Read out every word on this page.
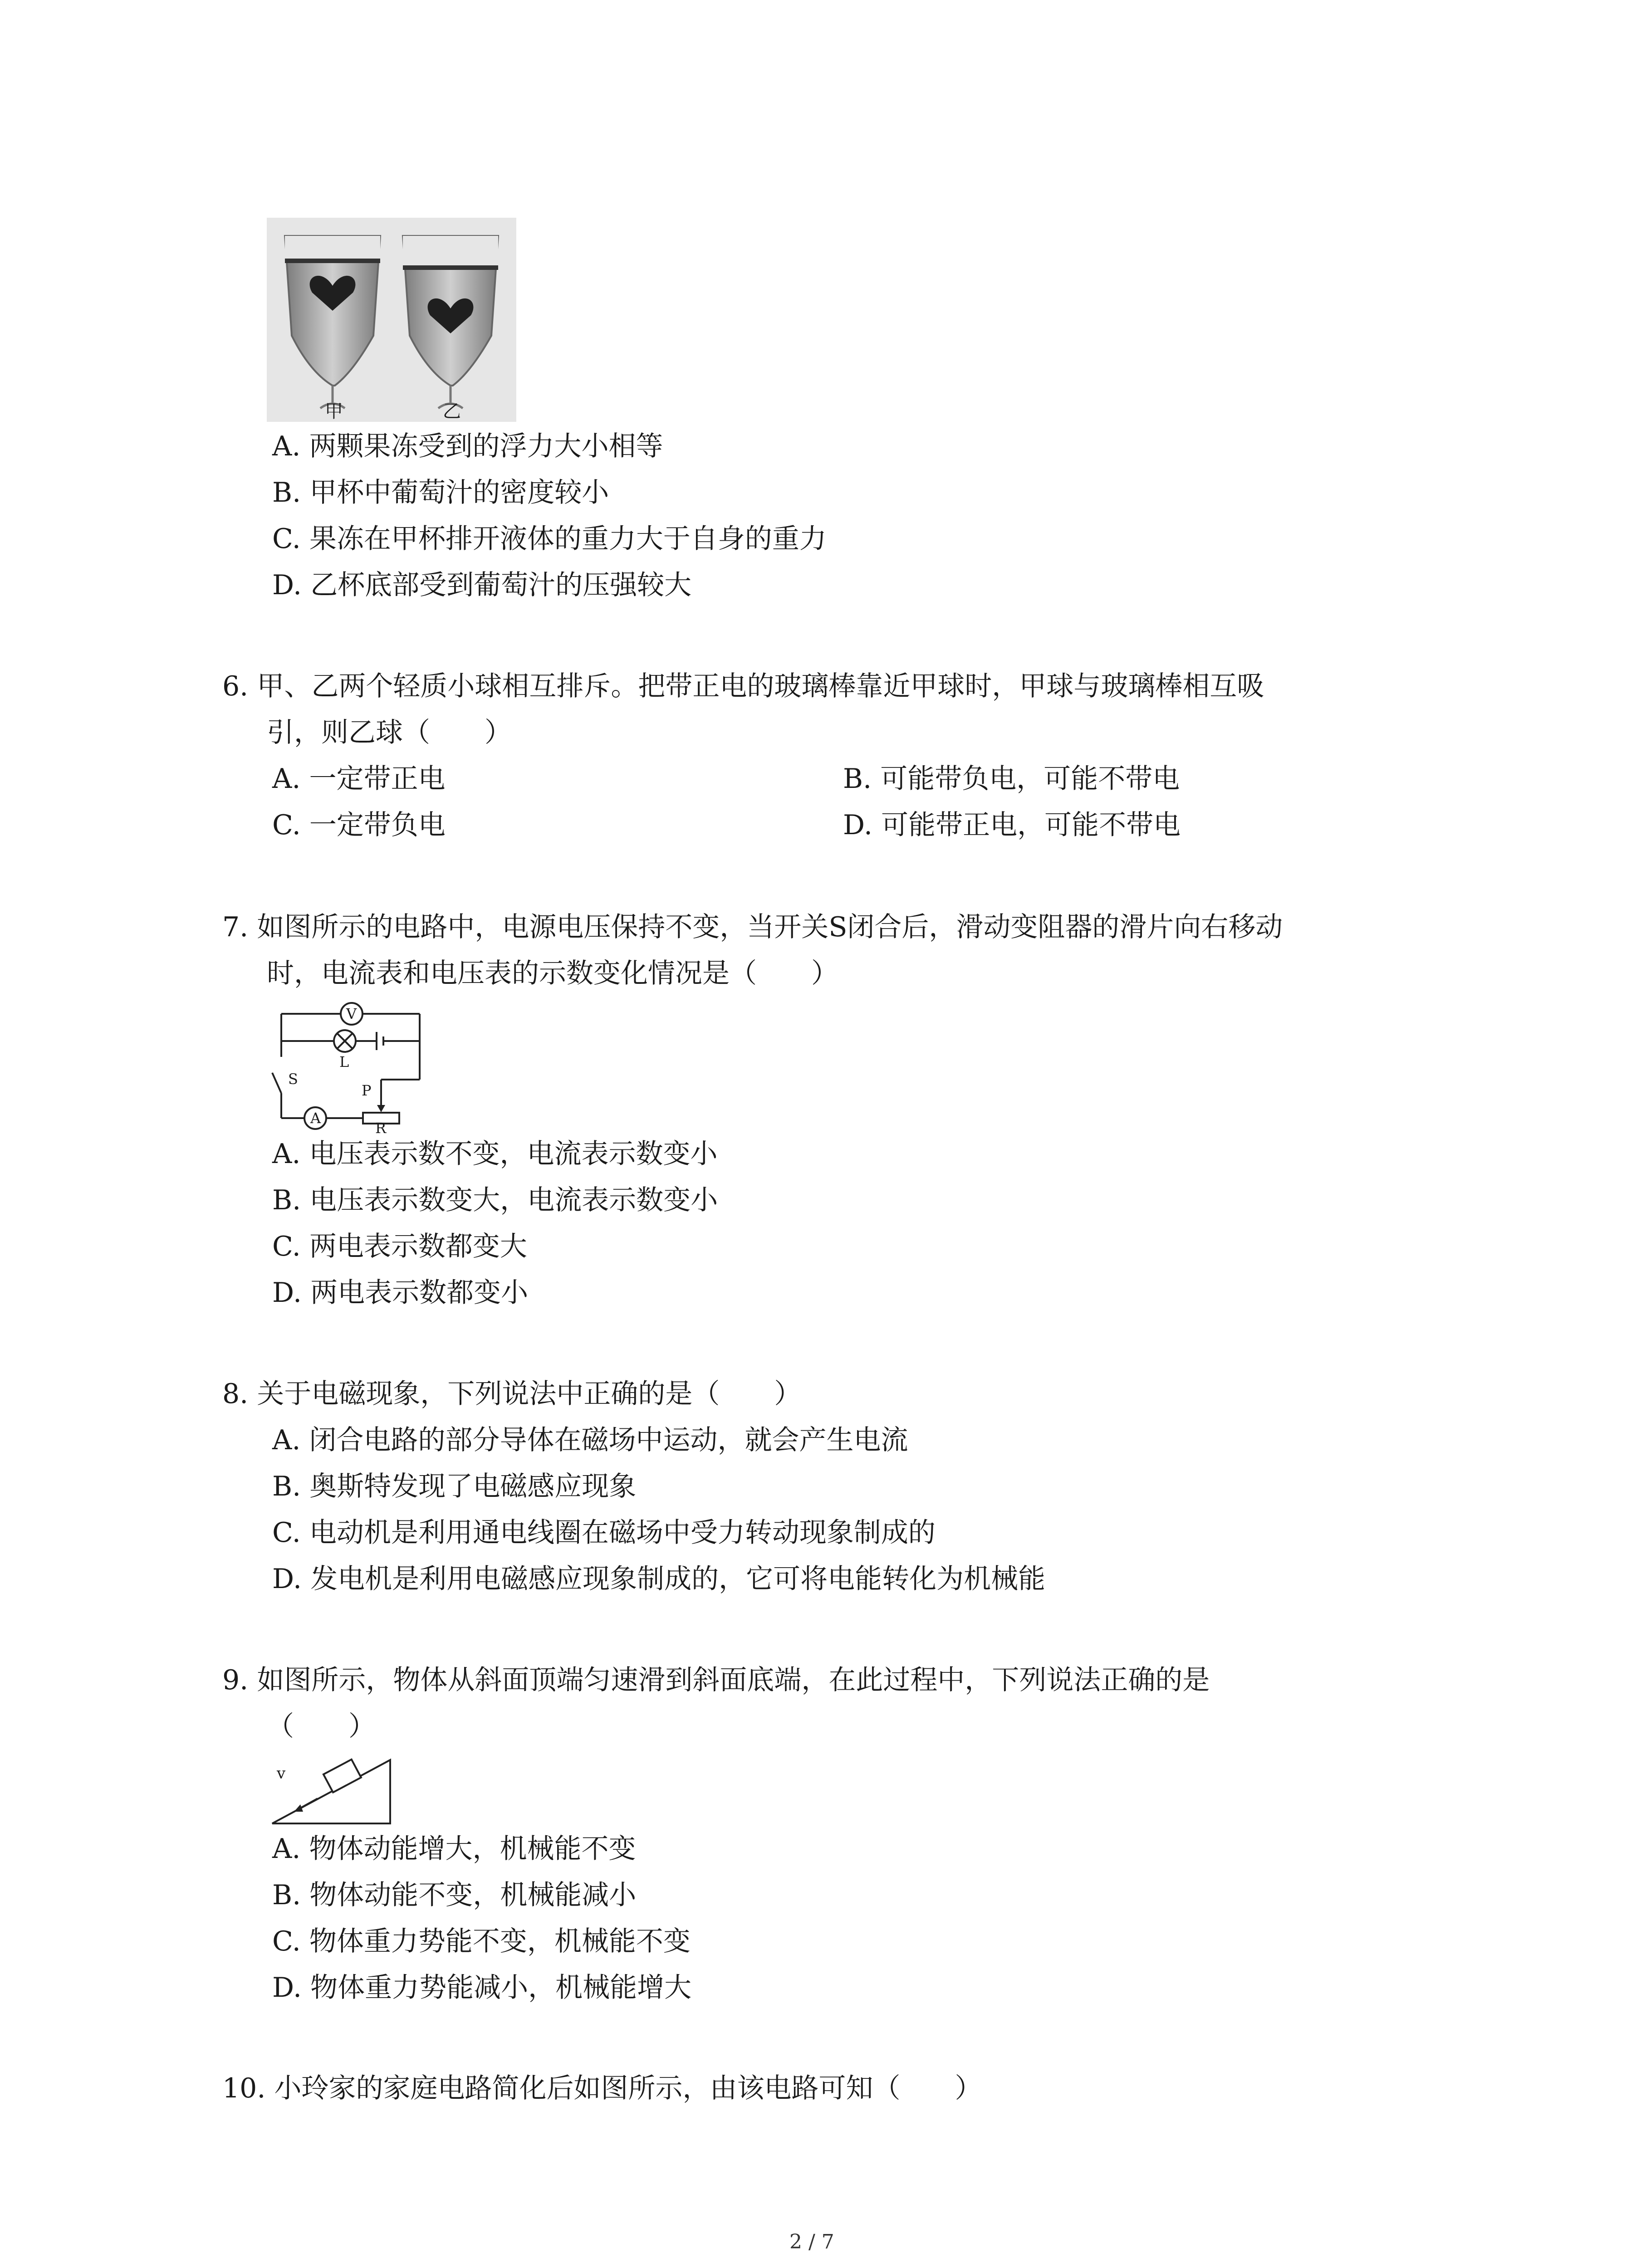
甲	乙
A. 两颗果冻受到的浮力大小相等
B. 甲杯中葡萄汁的密度较小
C. 果冻在甲杯排开液体的重力大于自身的重力
D. 乙杯底部受到葡萄汁的压强较大
6. 甲、乙两个轻质小球相互排斥。把带正电的玻璃棒靠近甲球时，甲球与玻璃棒相互吸
引，则乙球（　　）
A. 一定带正电	B. 可能带负电，可能不带电
C. 一定带负电	D. 可能带正电，可能不带电
7. 如图所示的电路中，电源电压保持不变，当开关S闭合后，滑动变阻器的滑片向右移动
时，电流表和电压表的示数变化情况是（　　）
V
L
S
P
A
R
A. 电压表示数不变，电流表示数变小
B. 电压表示数变大，电流表示数变小
C. 两电表示数都变大
D. 两电表示数都变小
8. 关于电磁现象，下列说法中正确的是（　　）
A. 闭合电路的部分导体在磁场中运动，就会产生电流
B. 奥斯特发现了电磁感应现象
C. 电动机是利用通电线圈在磁场中受力转动现象制成的
D. 发电机是利用电磁感应现象制成的，它可将电能转化为机械能
9. 如图所示，物体从斜面顶端匀速滑到斜面底端，在此过程中，下列说法正确的是
（　　）
v
A. 物体动能增大，机械能不变
B. 物体动能不变，机械能减小
C. 物体重力势能不变，机械能不变
D. 物体重力势能减小，机械能增大
10. 小玲家的家庭电路简化后如图所示，由该电路可知（　　）
2 / 7
